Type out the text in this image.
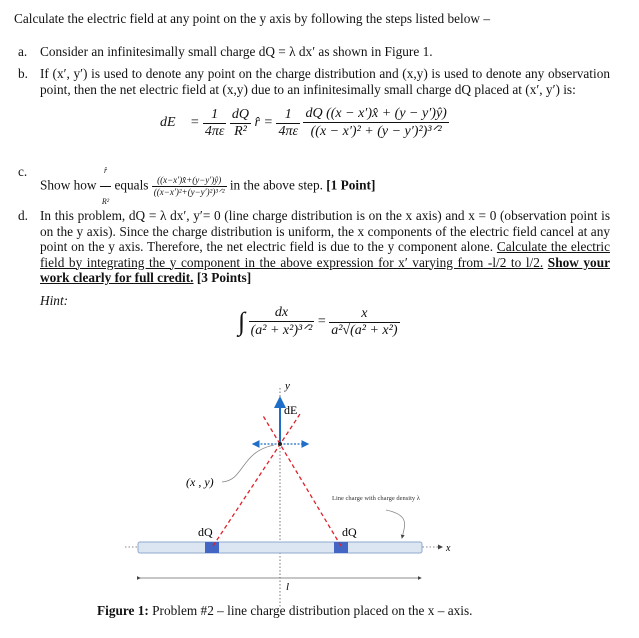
Calculate the electric field at any point on the y axis by following the steps listed below –
a. Consider an infinitesimally small charge dQ = λ dx′ as shown in Figure 1.
b. If (x′, y′) is used to denote any point on the charge distribution and (x,y) is used to denote any observation point, then the net electric field at (x,y) due to an infinitesimally small charge dQ placed at (x′, y′) is:
dE⃗ = $\frac{1}{4\pi\varepsilon}$
$\frac{dQ}{\text{R²}}$ r̂ = $\frac{1}{4\pi\varepsilon}$
$\frac{dQ ((x - x')x̂ + (y - y')ŷ)}{\text{((x − x′)² + (y − y′)²)³ᐟ²}}$
c.
Show how $\frac{r̂}{\text{R²}}$ equals $\frac{((x-x')x̂+(y-y')ŷ)}{\text{((x−x′)²+(y−y′)²)³ᐟ²}}$ in the above step. [1 Point]
d. In this problem, dQ = λ dx′, y′= 0 (line charge distribution is on the x axis) and x = 0 (observation point is on the y axis). Since the charge distribution is uniform, the x components of the electric field cancel at any point on the y axis. Therefore, the net electric field is due to the y component alone. Calculate the electric field by integrating the y component in the above expression for x′ varying from -l/2 to l/2. Show your work clearly for full credit. [3 Points]
Hint:
∫ $\frac{dx}{\text{(a² + x²)³ᐟ²}} = \frac{x}{\text{a²√(a² + x²)}}$
y
dE
(x , y)
Line charge with charge density λ
dQ	dQ
x
l
Figure 1: Problem #2 – line charge distribution placed on the x – axis.
